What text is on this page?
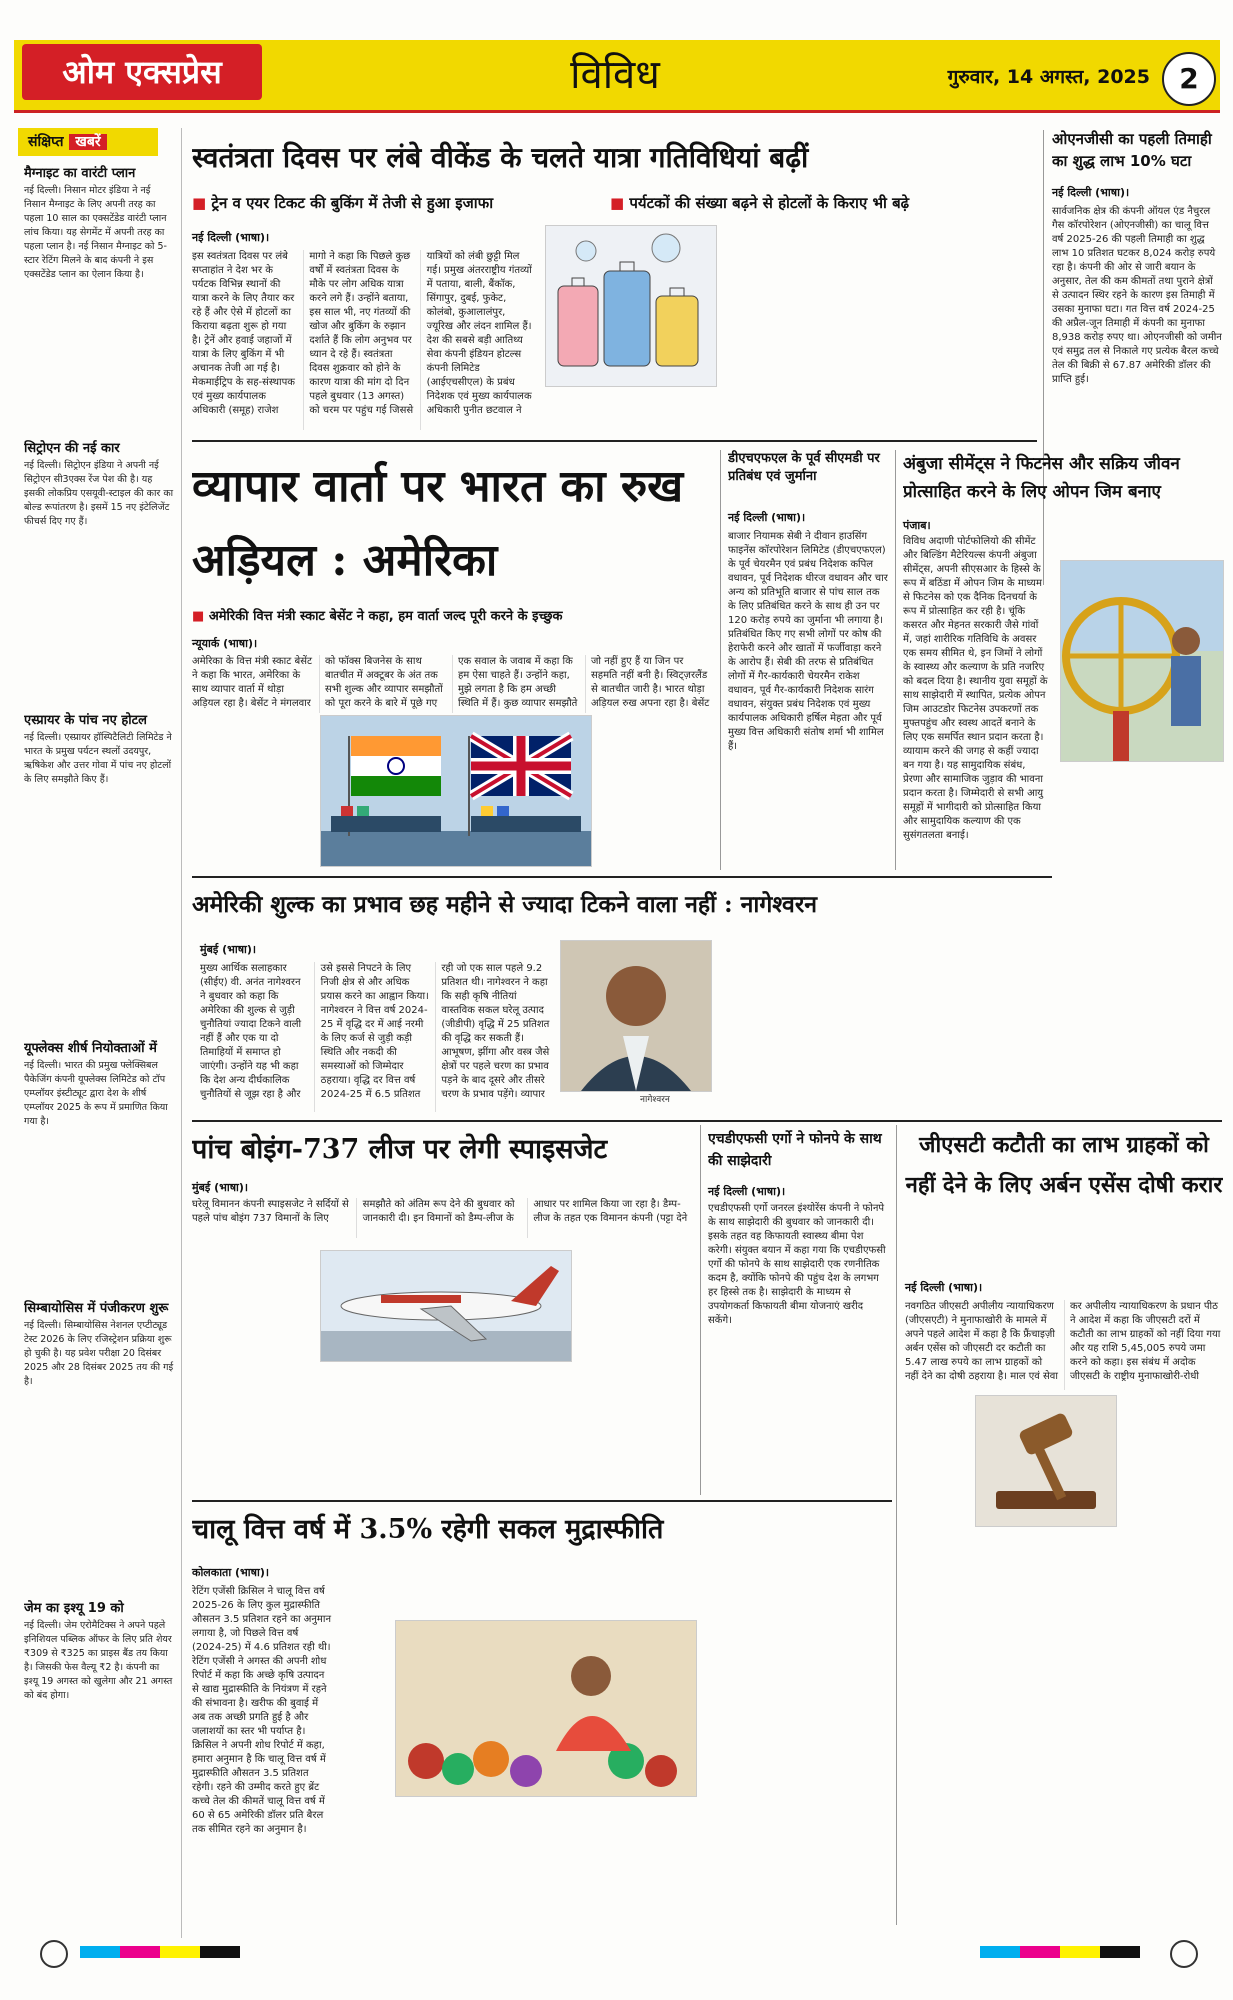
ओम एक्सप्रेस	विविध	गुरुवार, 14 अगस्त, 2025	2
संक्षिप्त खबरें
मैग्नाइट का वारंटी प्लान

नई दिल्ली। निसान मोटर इंडिया ने नई निसान मैग्नाइट के लिए अपनी तरह का पहला 10 साल का एक्सटेंडेड वारंटी प्लान लांच किया। यह सेगमेंट में अपनी तरह का पहला प्लान है। नई निसान मैग्नाइट को 5-स्टार रेटिंग मिलने के बाद कंपनी ने इस एक्सटेंडेड प्लान का ऐलान किया है।

सिट्रोएन की नई कार

नई दिल्ली। सिट्रोएन इंडिया ने अपनी नई सिट्रोएन सी3एक्स रेंज पेश की है। यह इसकी लोकप्रिय एसयूवी-स्टाइल की कार का बोल्ड रूपांतरण है। इसमें 15 नए इंटेलिजेंट फीचर्स दिए गए हैं।

एस्प्रायर के पांच नए होटल

नई दिल्ली। एस्प्रायर हॉस्पिटैलिटी लिमिटेड ने भारत के प्रमुख पर्यटन स्थलों उदयपुर, ऋषिकेश और उत्तर गोवा में पांच नए होटलों के लिए समझौते किए हैं।

यूफ्लेक्स शीर्ष नियोक्ताओं में

नई दिल्ली। भारत की प्रमुख फ्लेक्सिबल पैकेजिंग कंपनी यूफ्लेक्स लिमिटेड को टॉप एम्प्लॉयर इंस्टीट्यूट द्वारा देश के शीर्ष एम्प्लॉयर 2025 के रूप में प्रमाणित किया गया है।

सिम्बायोसिस में पंजीकरण शुरू

नई दिल्ली। सिम्बायोसिस नेशनल एप्टीट्यूड टेस्ट 2026 के लिए रजिस्ट्रेशन प्रक्रिया शुरू हो चुकी है। यह प्रवेश परीक्षा 20 दिसंबर 2025 और 28 दिसंबर 2025 तय की गई है।

जेम का इश्यू 19 को

नई दिल्ली। जेम एरोमैटिक्स ने अपने पहले इनिशियल पब्लिक ऑफर के लिए प्रति शेयर ₹309 से ₹325 का प्राइस बैंड तय किया है। जिसकी फेस वैल्यू ₹2 है। कंपनी का इश्यू 19 अगस्त को खुलेगा और 21 अगस्त को बंद होगा।

स्वतंत्रता दिवस पर लंबे वीकेंड के चलते यात्रा गतिविधियां बढ़ीं
■ ट्रेन व एयर टिकट की बुकिंग में तेजी से हुआ इजाफा
■	पर्यटकों की संख्या बढ़ने से होटलों के किराए भी बढ़े
नई दिल्ली (भाषा)।
इस स्वतंत्रता दिवस पर लंबे सप्ताहांत ने देश भर के पर्यटक विभिन्न स्थानों की यात्रा करने के लिए तैयार कर रहे हैं और ऐसे में होटलों का किराया बढ़ता शुरू हो गया है। ट्रेनें और हवाई जहाजों में यात्रा के लिए बुकिंग में भी अचानक तेजी आ गई है। मेकमाईट्रिप के सह-संस्थापक एवं मुख्य कार्यपालक अधिकारी (समूह) राजेश मागो ने कहा कि पिछले कुछ वर्षों में स्वतंत्रता दिवस के मौके पर लोग अधिक यात्रा करने लगे हैं। उन्होंने बताया, इस साल भी, नए गंतव्यों की खोज और बुकिंग के रुझान दर्शाते हैं कि लोग अनुभव पर ध्यान दे रहे हैं। स्वतंत्रता दिवस शुक्रवार को होने के कारण यात्रा की मांग दो दिन पहले बुधवार (13 अगस्त) को चरम पर पहुंच गई जिससे यात्रियों को लंबी छुट्टी मिल गई। प्रमुख अंतरराष्ट्रीय गंतव्यों में पताया, बाली, बैंकॉक, सिंगापुर, दुबई, फुकेट, कोलंबो, कुआलालंपुर, ज्यूरिख और लंदन शामिल हैं। देश की सबसे बड़ी आतिथ्य सेवा कंपनी इंडियन होटल्स कंपनी लिमिटेड (आईएचसीएल) के प्रबंध निदेशक एवं मुख्य कार्यपालक अधिकारी पुनीत छटवाल ने
ओएनजीसी का पहली तिमाही का शुद्ध लाभ 10% घटा
नई दिल्ली (भाषा)।
सार्वजनिक क्षेत्र की कंपनी ऑयल एंड नैचुरल गैस कॉरपोरेशन (ओएनजीसी) का चालू वित्त वर्ष 2025-26 की पहली तिमाही का शुद्ध लाभ 10 प्रतिशत घटकर 8,024 करोड़ रुपये रहा है। कंपनी की ओर से जारी बयान के अनुसार, तेल की कम कीमतों तथा पुराने क्षेत्रों से उत्पादन स्थिर रहने के कारण इस तिमाही में उसका मुनाफा घटा। गत वित्त वर्ष 2024-25 की अप्रैल-जून तिमाही में कंपनी का मुनाफा 8,938 करोड़ रुपए था। ओएनजीसी को जमीन एवं समुद्र तल से निकाले गए प्रत्येक बैरल कच्चे तेल की बिक्री से 67.87 अमेरिकी डॉलर की प्राप्ति हुई।
व्यापार वार्ता पर भारत का रुख अड़ियल : अमेरिका
■ अमेरिकी वित्त मंत्री स्काट बेसेंट ने कहा, हम वार्ता जल्द पूरी करने के इच्छुक
न्यूयार्क (भाषा)।
अमेरिका के वित्त मंत्री स्काट बेसेंट ने कहा कि भारत, अमेरिका के साथ व्यापार वार्ता में थोड़ा अड़ियल रहा है। बेसेंट ने मंगलवार को फॉक्स बिजनेस के साथ बातचीत में अक्टूबर के अंत तक सभी शुल्क और व्यापार समझौतों को पूरा करने के बारे में पूछे गए एक सवाल के जवाब में कहा कि हम ऐसा चाहते हैं। उन्होंने कहा, मुझे लगता है कि हम अच्छी स्थिति में हैं। कुछ व्यापार समझौते जो नहीं हुए हैं या जिन पर सहमति नहीं बनी है। स्विट्ज़रलैंड से बातचीत जारी है। भारत थोड़ा अड़ियल रुख अपना रहा है। बेसेंट
डीएचएफएल के पूर्व सीएमडी पर प्रतिबंध एवं जुर्माना
नई दिल्ली (भाषा)।
बाजार नियामक सेबी ने दीवान हाउसिंग फाइनेंस कॉरपोरेशन लिमिटेड (डीएचएफएल) के पूर्व चेयरमैन एवं प्रबंध निदेशक कपिल वधावन, पूर्व निदेशक धीरज वधावन और चार अन्य को प्रतिभूति बाजार से पांच साल तक के लिए प्रतिबंधित करने के साथ ही उन पर 120 करोड़ रुपये का जुर्माना भी लगाया है। प्रतिबंधित किए गए सभी लोगों पर कोष की हेराफेरी करने और खातों में फर्जीवाड़ा करने के आरोप हैं। सेबी की तरफ से प्रतिबंधित लोगों में गैर-कार्यकारी चेयरमैन राकेश वधावन, पूर्व गैर-कार्यकारी निदेशक सारंग वधावन, संयुक्त प्रबंध निदेशक एवं मुख्य कार्यपालक अधिकारी हर्षिल मेहता और पूर्व मुख्य वित्त अधिकारी संतोष शर्मा भी शामिल हैं।
अंबुजा सीमेंट्स ने फिटनेस और सक्रिय जीवन प्रोत्साहित करने के लिए ओपन जिम बनाए
पंजाब।
विविध अदाणी पोर्टफोलियो की सीमेंट और बिल्डिंग मैटेरियल्स कंपनी अंबुजा सीमेंट्स, अपनी सीएसआर के हिस्से के रूप में बठिंडा में ओपन जिम के माध्यम से फिटनेस को एक दैनिक दिनचर्या के रूप में प्रोत्साहित कर रही है। चूंकि कसरत और मेहनत सरकारी जैसे गांवों में, जहां शारीरिक गतिविधि के अवसर एक समय सीमित थे, इन जिमों ने लोगों के स्वास्थ्य और कल्याण के प्रति नजरिए को बदल दिया है। स्थानीय युवा समूहों के साथ साझेदारी में स्थापित, प्रत्येक ओपन जिम आउटडोर फिटनेस उपकरणों तक मुफ्तपहुंच और स्वस्थ आदतें बनाने के लिए एक समर्पित स्थान प्रदान करता है। व्यायाम करने की जगह से कहीं ज्यादा बन गया है। यह सामुदायिक संबंध, प्रेरणा और सामाजिक जुड़ाव की भावना प्रदान करता है। जिम्मेदारी से सभी आयु समूहों में भागीदारी को प्रोत्साहित किया और सामुदायिक कल्याण की एक सुसंगतलता बनाई।
अमेरिकी शुल्क का प्रभाव छह महीने से ज्यादा टिकने वाला नहीं : नागेश्वरन
मुंबई (भाषा)।
मुख्य आर्थिक सलाहकार (सीईए) वी. अनंत नागेश्वरन ने बुधवार को कहा कि अमेरिका की शुल्क से जुड़ी चुनौतियां ज्यादा टिकने वाली नहीं हैं और एक या दो तिमाहियों में समाप्त हो जाएंगी। उन्होंने यह भी कहा कि देश अन्य दीर्घकालिक चुनौतियों से जूझ रहा है और उसे इससे निपटने के लिए निजी क्षेत्र से और अधिक प्रयास करने का आह्वान किया। नागेश्वरन ने वित्त वर्ष 2024-25 में वृद्धि दर में आई नरमी के लिए कर्ज से जुड़ी कड़ी स्थिति और नकदी की समस्याओं को जिम्मेदार ठहराया। वृद्धि दर वित्त वर्ष 2024-25 में 6.5 प्रतिशत रही जो एक साल पहले 9.2 प्रतिशत थी। नागेश्वरन ने कहा कि सही कृषि नीतियां वास्तविक सकल घरेलू उत्पाद (जीडीपी) वृद्धि में 25 प्रतिशत की वृद्धि कर सकती हैं। आभूषण, झींगा और वस्त्र जैसे क्षेत्रों पर पहले चरण का प्रभाव पड़ने के बाद दूसरे और तीसरे चरण के प्रभाव पड़ेंगे। व्यापार	नागेश्वरन
पांच बोइंग-737 लीज पर लेगी स्पाइसजेट
मुंबई (भाषा)।
घरेलू विमानन कंपनी स्पाइसजेट ने सर्दियों से पहले पांच बोइंग 737 विमानों के लिए समझौते को अंतिम रूप देने की बुधवार को जानकारी दी। इन विमानों को डैम्प-लीज के आधार पर शामिल किया जा रहा है। डैम्प-लीज के तहत एक विमानन कंपनी (पट्टा देने
एचडीएफसी एर्गो ने फोनपे के साथ की साझेदारी
नई दिल्ली (भाषा)।
एचडीएफसी एर्गो जनरल इंश्योरेंस कंपनी ने फोनपे के साथ साझेदारी की बुधवार को जानकारी दी। इसके तहत वह किफायती स्वास्थ्य बीमा पेश करेगी। संयुक्त बयान में कहा गया कि एचडीएफसी एर्गो की फोनपे के साथ साझेदारी एक रणनीतिक कदम है, क्योंकि फोनपे की पहुंच देश के लगभग हर हिस्से तक है। साझेदारी के माध्यम से उपयोगकर्ता किफायती बीमा योजनाएं खरीद सकेंगे।
जीएसटी कटौती का लाभ ग्राहकों को नहीं देने के लिए अर्बन एसेंस दोषी करार
नई दिल्ली (भाषा)।
नवगठित जीएसटी अपीलीय न्यायाधिकरण (जीएसएटी) ने मुनाफाखोरी के मामले में अपने पहले आदेश में कहा है कि फ्रैंचाइज़ी अर्बन एसेंस को जीएसटी दर कटौती का 5.47 लाख रुपये का लाभ ग्राहकों को नहीं देने का दोषी ठहराया है। माल एवं सेवा कर अपीलीय न्यायाधिकरण के प्रधान पीठ ने आदेश में कहा कि जीएसटी दरों में कटौती का लाभ ग्राहकों को नहीं दिया गया और यह राशि 5,45,005 रुपये जमा करने को कहा। इस संबंध में अदोक जीएसटी के राष्ट्रीय मुनाफाखोरी-रोधी
चालू वित्त वर्ष में 3.5% रहेगी सकल मुद्रास्फीति
कोलकाता (भाषा)।
रेटिंग एजेंसी क्रिसिल ने चालू वित्त वर्ष 2025-26 के लिए कुल मुद्रास्फीति औसतन 3.5 प्रतिशत रहने का अनुमान लगाया है, जो पिछले वित्त वर्ष (2024-25) में 4.6 प्रतिशत रही थी। रेटिंग एजेंसी ने अगस्त की अपनी शोध रिपोर्ट में कहा कि अच्छे कृषि उत्पादन से खाद्य मुद्रास्फीति के नियंत्रण में रहने की संभावना है। खरीफ की बुवाई में अब तक अच्छी प्रगति हुई है और जलाशयों का स्तर भी पर्याप्त है। क्रिसिल ने अपनी शोध रिपोर्ट में कहा, हमारा अनुमान है कि चालू वित्त वर्ष में मुद्रास्फीति औसतन 3.5 प्रतिशत रहेगी। रहने की उम्मीद करते हुए ब्रेंट कच्चे तेल की कीमतें चालू वित्त वर्ष में 60 से 65 अमेरिकी डॉलर प्रति बैरल तक सीमित रहने का अनुमान है।
